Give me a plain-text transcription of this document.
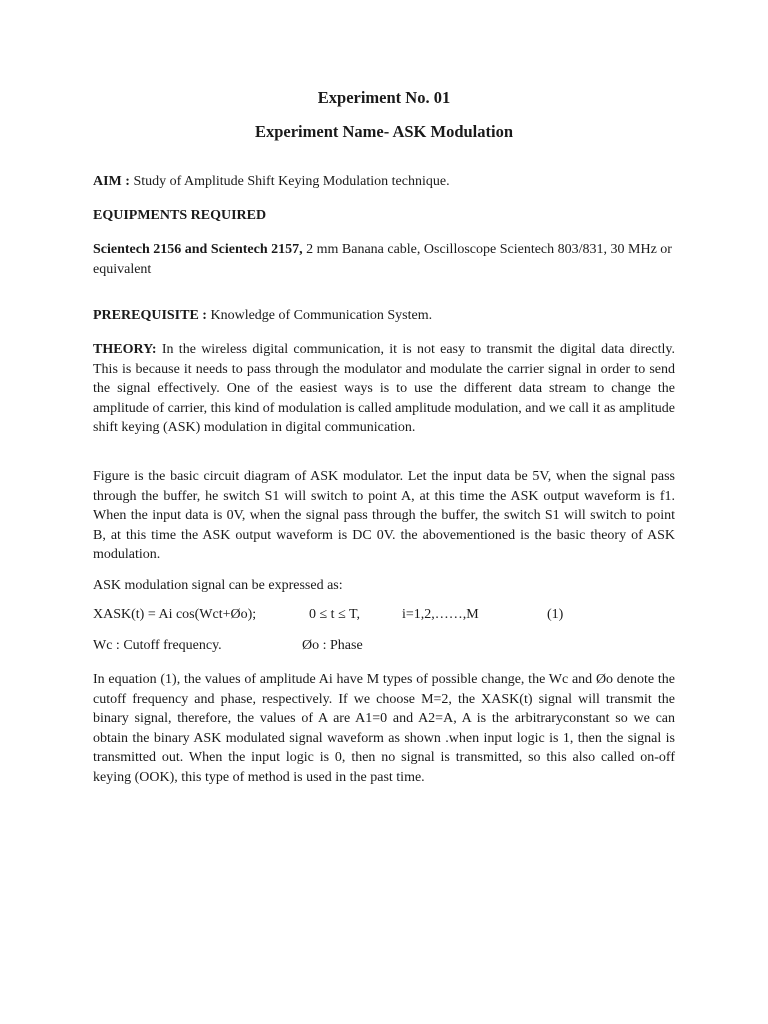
Experiment No. 01
Experiment Name- ASK Modulation
AIM : Study of Amplitude Shift Keying Modulation technique.
EQUIPMENTS REQUIRED
Scientech 2156 and Scientech 2157, 2 mm Banana cable, Oscilloscope Scientech 803/831, 30 MHz or equivalent
PREREQUISITE : Knowledge of Communication System.
THEORY: In the wireless digital communication, it is not easy to transmit the digital data directly. This is because it needs to pass through the modulator and modulate the carrier signal in order to send the signal effectively. One of the easiest ways is to use the different data stream to change the amplitude of carrier, this kind of modulation is called amplitude modulation, and we call it as amplitude shift keying (ASK) modulation in digital communication.
Figure is the basic circuit diagram of ASK modulator. Let the input data be 5V, when the signal pass through the buffer, he switch S1 will switch to point A, at this time the ASK output waveform is f1. When the input data is 0V, when the signal pass through the buffer, the switch S1 will switch to point B, at this time the ASK output waveform is DC 0V. the abovementioned is the basic theory of ASK modulation.
ASK modulation signal can be expressed as:
XASK(t) = Ai cos(Wct+Øo);	0 ≤ t ≤ T,	i=1,2,……,M	(1)
Wc : Cutoff frequency.	Øo : Phase
In equation (1), the values of amplitude Ai have M types of possible change, the Wc and Øo denote the cutoff frequency and phase, respectively. If we choose M=2, the XASK(t) signal will transmit the binary signal, therefore, the values of A are A1=0 and A2=A, A is the arbitraryconstant so we can obtain the binary ASK modulated signal waveform as shown .when input logic is 1, then the signal is transmitted out. When the input logic is 0, then no signal is transmitted, so this also called on-off keying (OOK), this type of method is used in the past time.
